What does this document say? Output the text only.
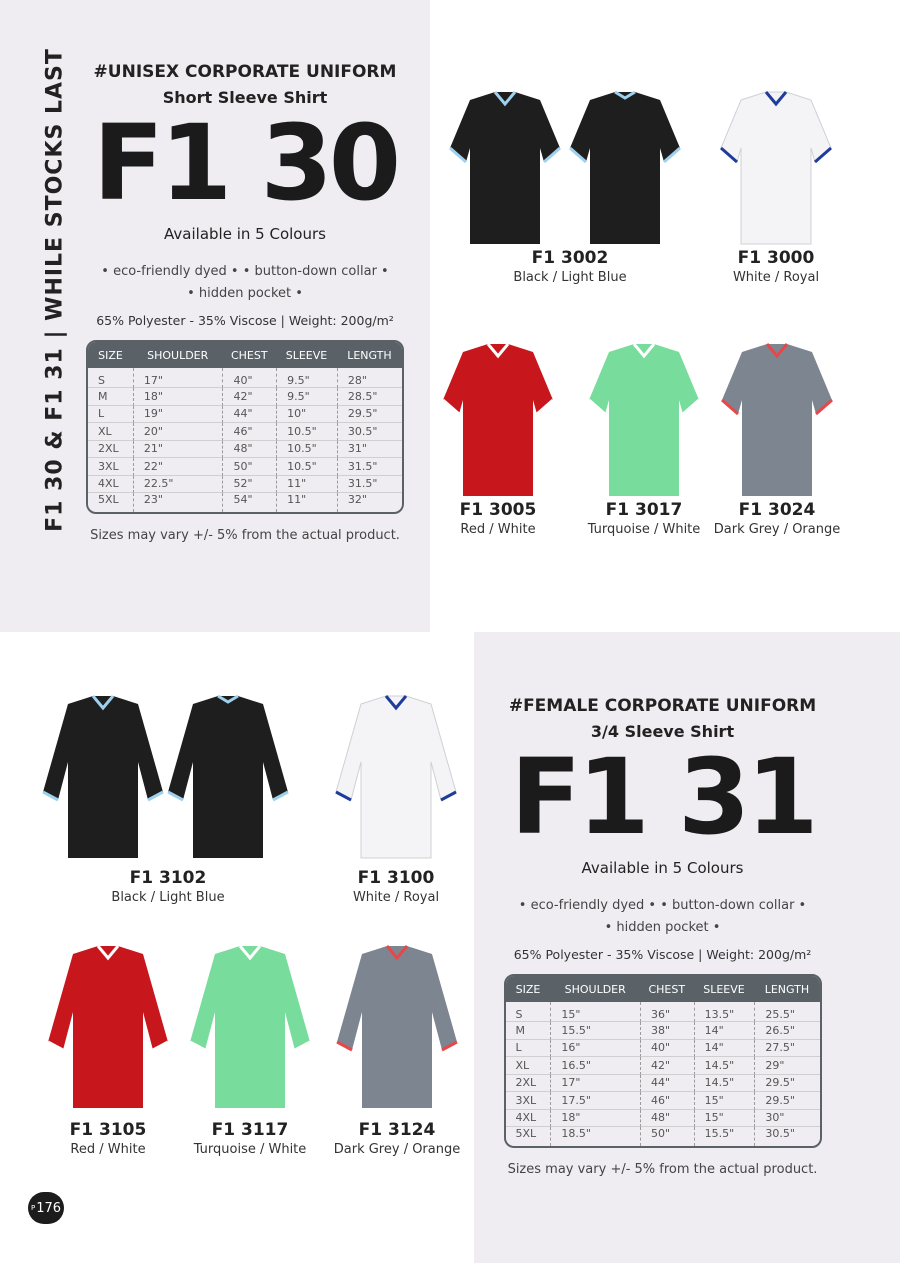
F1 30 & F1 31 | WHILE STOCKS LAST	#UNISEX CORPORATE UNIFORM
Short Sleeve Shirt
F1 30
Available in 5 Colours
• eco-friendly dyed • • button-down collar •
• hidden pocket •
65% Polyester - 35% Viscose | Weight: 200g/m²
SIZE	SHOULDER	CHEST	SLEEVE	LENGTH
S	17"	40"	9.5"	28"
M	18"	42"	9.5"	28.5"
L	19"	44"	10"	29.5"
XL	20"	46"	10.5"	30.5"
2XL	21"	48"	10.5"	31"
3XL	22"	50"	10.5"	31.5"
4XL	22.5"	52"	11"	31.5"
5XL	23"	54"	11"	32"
Sizes may vary +/- 5% from the actual product.
F1 3002
Black / Light Blue
F1 3000
White / Royal
F1 3005
Red / White
F1 3017
Turquoise / White
F1 3024
Dark Grey / Orange
F1 3102
Black / Light Blue
F1 3100
White / Royal
F1 3105
Red / White
F1 3117
Turquoise / White
F1 3124
Dark Grey / Orange
#FEMALE CORPORATE UNIFORM
3/4 Sleeve Shirt
F1 31
Available in 5 Colours
• eco-friendly dyed • • button-down collar •
• hidden pocket •
65% Polyester - 35% Viscose | Weight: 200g/m²
SIZE	SHOULDER	CHEST	SLEEVE	LENGTH
S	15"	36"	13.5"	25.5"
M	15.5"	38"	14"	26.5"
L	16"	40"	14"	27.5"
XL	16.5"	42"	14.5"	29"
2XL	17"	44"	14.5"	29.5"
3XL	17.5"	46"	15"	29.5"
4XL	18"	48"	15"	30"
5XL	18.5"	50"	15.5"	30.5"
Sizes may vary +/- 5% from the actual product.
P 176
